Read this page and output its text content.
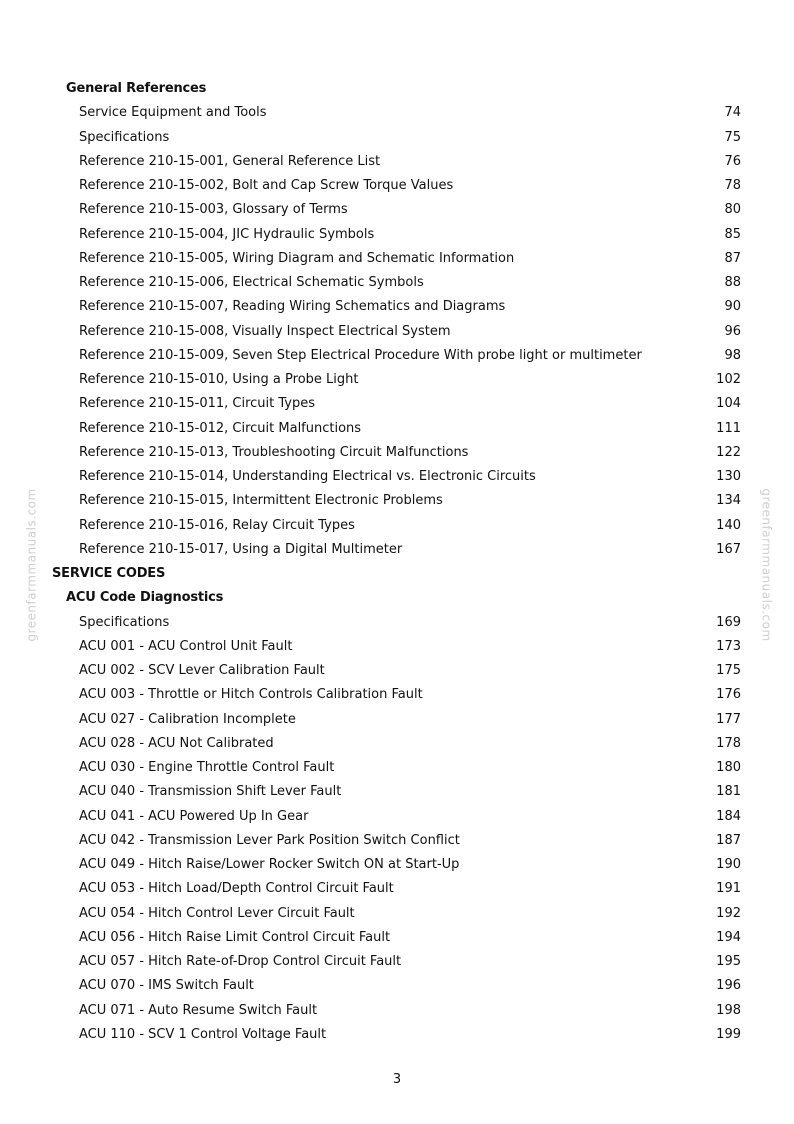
greenfarmmanuals.com	greenfarmmanuals.com
General References
Service Equipment and Tools	74
Specifications	75
Reference 210-15-001, General Reference List	76
Reference 210-15-002, Bolt and Cap Screw Torque Values	78
Reference 210-15-003, Glossary of Terms	80
Reference 210-15-004, JIC Hydraulic Symbols	85
Reference 210-15-005, Wiring Diagram and Schematic Information	87
Reference 210-15-006, Electrical Schematic Symbols	88
Reference 210-15-007, Reading Wiring Schematics and Diagrams	90
Reference 210-15-008, Visually Inspect Electrical System	96
Reference 210-15-009, Seven Step Electrical Procedure With probe light or multimeter	98
Reference 210-15-010, Using a Probe Light	102
Reference 210-15-011, Circuit Types	104
Reference 210-15-012, Circuit Malfunctions	111
Reference 210-15-013, Troubleshooting Circuit Malfunctions	122
Reference 210-15-014, Understanding Electrical vs. Electronic Circuits	130
Reference 210-15-015, Intermittent Electronic Problems	134
Reference 210-15-016, Relay Circuit Types	140
Reference 210-15-017, Using a Digital Multimeter	167
SERVICE CODES
ACU Code Diagnostics
Specifications	169
ACU 001 - ACU Control Unit Fault	173
ACU 002 - SCV Lever Calibration Fault	175
ACU 003 - Throttle or Hitch Controls Calibration Fault	176
ACU 027 - Calibration Incomplete	177
ACU 028 - ACU Not Calibrated	178
ACU 030 - Engine Throttle Control Fault	180
ACU 040 - Transmission Shift Lever Fault	181
ACU 041 - ACU Powered Up In Gear	184
ACU 042 - Transmission Lever Park Position Switch Conflict	187
ACU 049 - Hitch Raise/Lower Rocker Switch ON at Start-Up	190
ACU 053 - Hitch Load/Depth Control Circuit Fault	191
ACU 054 - Hitch Control Lever Circuit Fault	192
ACU 056 - Hitch Raise Limit Control Circuit Fault	194
ACU 057 - Hitch Rate-of-Drop Control Circuit Fault	195
ACU 070 - IMS Switch Fault	196
ACU 071 - Auto Resume Switch Fault	198
ACU 110 - SCV 1 Control Voltage Fault	199
3
